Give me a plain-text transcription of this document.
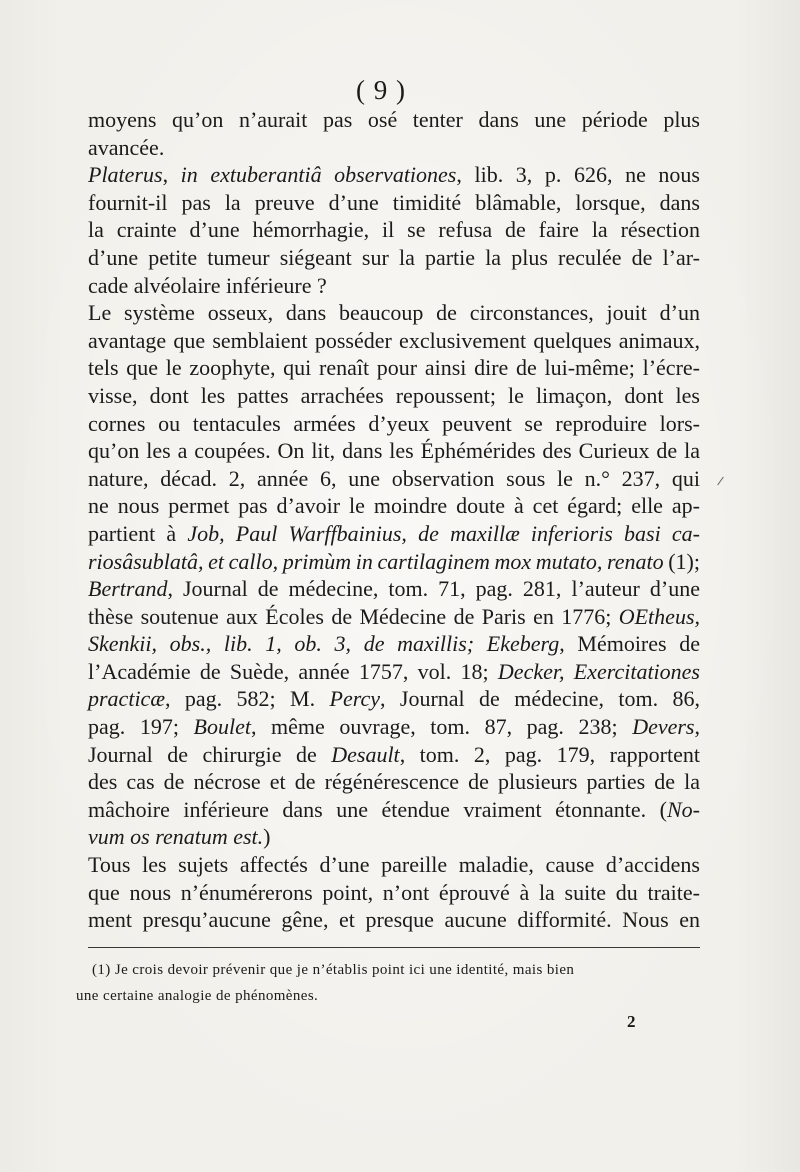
( 9 )
moyens qu’on n’aurait pas osé tenter dans une période plus
avancée.
Platerus, in extuberantiâ observationes, lib. 3, p. 626, ne nous
fournit-il pas la preuve d’une timidité blâmable, lorsque, dans
la crainte d’une hémorrhagie, il se refusa de faire la résection
d’une petite tumeur siégeant sur la partie la plus reculée de l’ar-
cade alvéolaire inférieure ?
Le système osseux, dans beaucoup de circonstances, jouit d’un
avantage que semblaient posséder exclusivement quelques animaux,
tels que le zoophyte, qui renaît pour ainsi dire de lui-même; l’écre-
visse, dont les pattes arrachées repoussent; le limaçon, dont les
cornes ou tentacules armées d’yeux peuvent se reproduire lors-
qu’on les a coupées. On lit, dans les Éphémérides des Curieux de la
nature, décad. 2, année 6, une observation sous le n.° 237, qui
ne nous permet pas d’avoir le moindre doute à cet égard; elle ap-
partient à Job, Paul Warffbainius, de maxillæ inferioris basi ca-
riosâsublatâ, et callo, primùm in cartilaginem mox mutato, renato (1);
Bertrand, Journal de médecine, tom. 71, pag. 281, l’auteur d’une
thèse soutenue aux Écoles de Médecine de Paris en 1776; OEtheus,
Skenkii, obs., lib. 1, ob. 3, de maxillis; Ekeberg, Mémoires de
l’Académie de Suède, année 1757, vol. 18; Decker, Exercitationes
practicæ, pag. 582; M. Percy, Journal de médecine, tom. 86,
pag. 197; Boulet, même ouvrage, tom. 87, pag. 238; Devers,
Journal de chirurgie de Desault, tom. 2, pag. 179, rapportent
des cas de nécrose et de régénérescence de plusieurs parties de la
mâchoire inférieure dans une étendue vraiment étonnante. (No-
vum os renatum est.)
Tous les sujets affectés d’une pareille maladie, cause d’accidens
que nous n’énumérerons point, n’ont éprouvé à la suite du traite-
ment presqu’aucune gêne, et presque aucune difformité. Nous en
(1) Je crois devoir prévenir que je n’établis point ici une identité, mais bien
une certaine analogie de phénomènes.
2
